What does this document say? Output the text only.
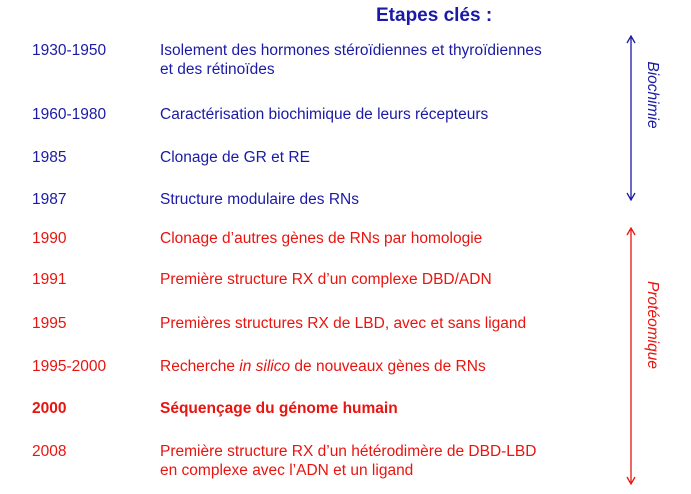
Etapes clés :
1930-1950	Isolement des hormones stéroïdiennes et thyroïdiennes
et des rétinoïdes
1960-1980	Caractérisation biochimique de leurs récepteurs
1985	Clonage de GR et RE
1987	Structure modulaire des RNs
1990	Clonage d’autres gènes de RNs par homologie
1991	Première structure RX d’un complexe DBD/ADN
1995	Premières structures RX de LBD, avec et sans ligand
1995-2000	Recherche in silico de nouveaux gènes de RNs
2000	Séquençage du génome humain
2008	Première structure RX d’un hétérodimère de DBD-LBD
en complexe avec l’ADN et un ligand
Biochimie
Protéomique
